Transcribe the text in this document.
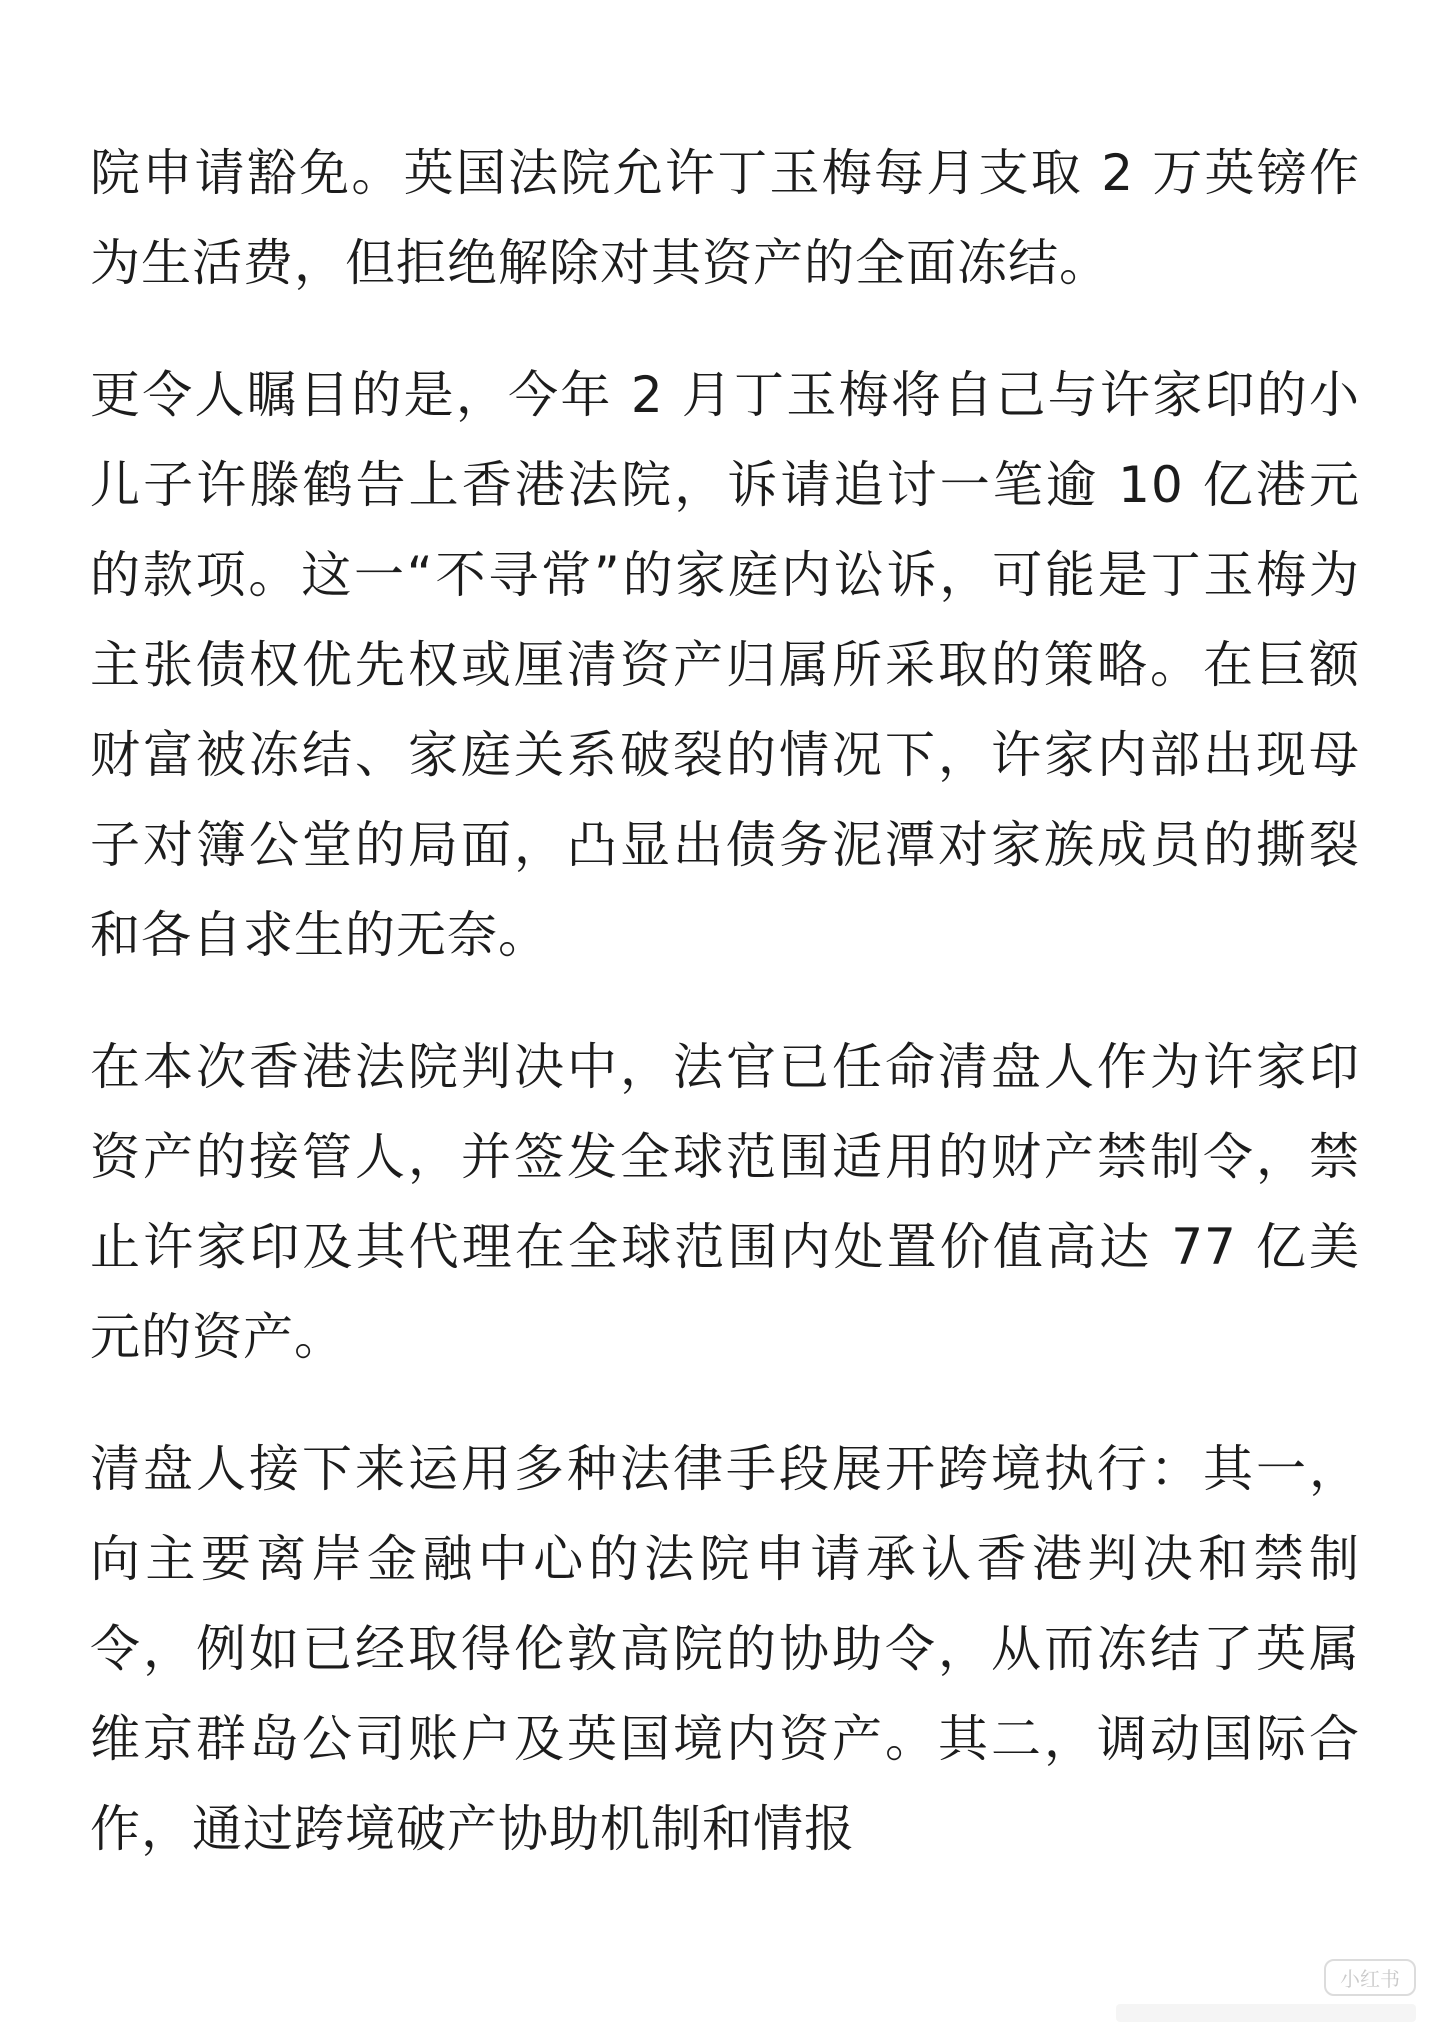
院申请豁免。英国法院允许丁玉梅每月支取 2 万英镑作为生活费，但拒绝解除对其资产的全面冻结。

更令人瞩目的是，今年 2 月丁玉梅将自己与许家印的小儿子许滕鹤告上香港法院，诉请追讨一笔逾 10 亿港元的款项。这一“不寻常”的家庭内讼诉，可能是丁玉梅为主张债权优先权或厘清资产归属所采取的策略。在巨额财富被冻结、家庭关系破裂的情况下，许家内部出现母子对簿公堂的局面，凸显出债务泥潭对家族成员的撕裂和各自求生的无奈。

在本次香港法院判决中，法官已任命清盘人作为许家印资产的接管人，并签发全球范围适用的财产禁制令，禁止许家印及其代理在全球范围内处置价值高达 77 亿美元的资产。

清盘人接下来运用多种法律手段展开跨境执行：其一，向主要离岸金融中心的法院申请承认香港判决和禁制令，例如已经取得伦敦高院的协助令，从而冻结了英属维京群岛公司账户及英国境内资产。其二，调动国际合作，通过跨境破产协助机制和情报

小红书
